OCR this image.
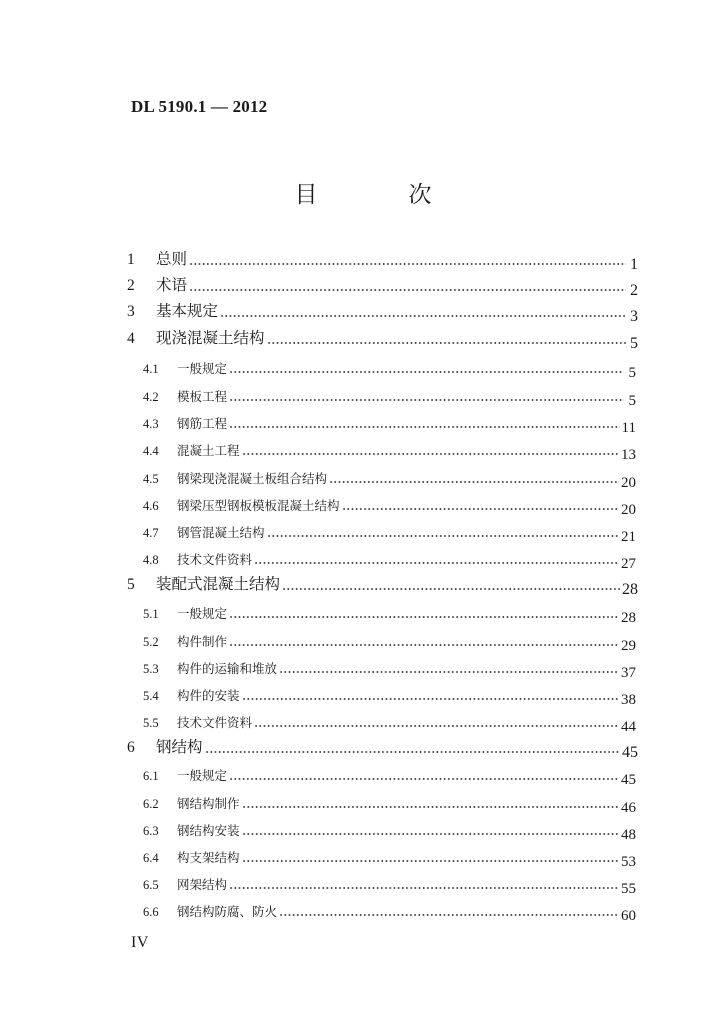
DL 5190.1 — 2012
目　次
1	总则	1
2	术语	2
3	基本规定	3
4	现浇混凝土结构	5
4.1	一般规定	5
4.2	模板工程	5
4.3	钢筋工程	11
4.4	混凝土工程	13
4.5	钢梁现浇混凝土板组合结构	20
4.6	钢梁压型钢板模板混凝土结构	20
4.7	钢管混凝土结构	21
4.8	技术文件资料	27
5	装配式混凝土结构	28
5.1	一般规定	28
5.2	构件制作	29
5.3	构件的运输和堆放	37
5.4	构件的安装	38
5.5	技术文件资料	44
6	钢结构	45
6.1	一般规定	45
6.2	钢结构制作	46
6.3	钢结构安装	48
6.4	构支架结构	53
6.5	网架结构	55
6.6	钢结构防腐、防火	60
IV
